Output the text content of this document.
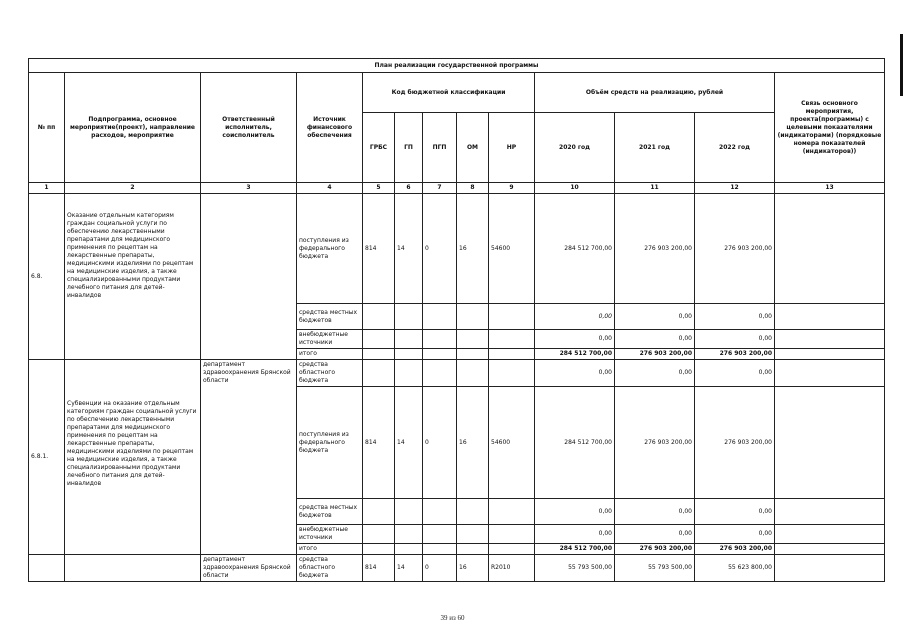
План реализации государственной программы												
№ пп	Подпрограмма, основное мероприятие(проект), направление расходов, мероприятие	Ответственный исполнитель, соисполнитель	Источник финансового обеспечения	Код бюджетной классификации					Объём средств на реализацию, рублей			Связь основного мероприятия, проекта(программы) с целевыми показателями (индикаторами) (порядковые номера показателей (индикаторов))
				ГРБС	ГП	ПГП	ОМ	НР	2020 год	2021 год	2022 год	
1	2	3	4	5	6	7	8	9	10	11	12	13
6.8.	Оказание отдельным категориям граждан социальной услуги по обеспечению лекарственными препаратами для медицинского применения по рецептам на лекарственные препараты, медицинскими изделиями по рецептам на медицинские изделия, а также специализированными продуктами лечебного питания для детей-инвалидов		поступления из федерального бюджета	814	14	0	16	54600	284 512 700,00	276 903 200,00	276 903 200,00	
			средства местных бюджетов						0,00	0,00	0,00	
			внебюджетные источники						0,00	0,00	0,00	
			итого						284 512 700,00	276 903 200,00	276 903 200,00	
6.8.1.	Субвенции на оказание отдельным категориям граждан социальной услуги по обеспечению лекарственными препаратами для медицинского применения по рецептам на лекарственные препараты, медицинскими изделиями по рецептам на медицинские изделия, а также специализированными продуктами лечебного питания для детей-инвалидов	департамент здравоохранения Брянской области	средства областного бюджета						0,00	0,00	0,00	
			поступления из федерального бюджета	814	14	0	16	54600	284 512 700,00	276 903 200,00	276 903 200,00	
			средства местных бюджетов						0,00	0,00	0,00	
			внебюджетные источники						0,00	0,00	0,00	
			итого						284 512 700,00	276 903 200,00	276 903 200,00	
		департамент здравоохранения Брянской области	средства областного бюджета	814	14	0	16	R2010	55 793 500,00	55 793 500,00	55 623 800,00	
39 из 60
